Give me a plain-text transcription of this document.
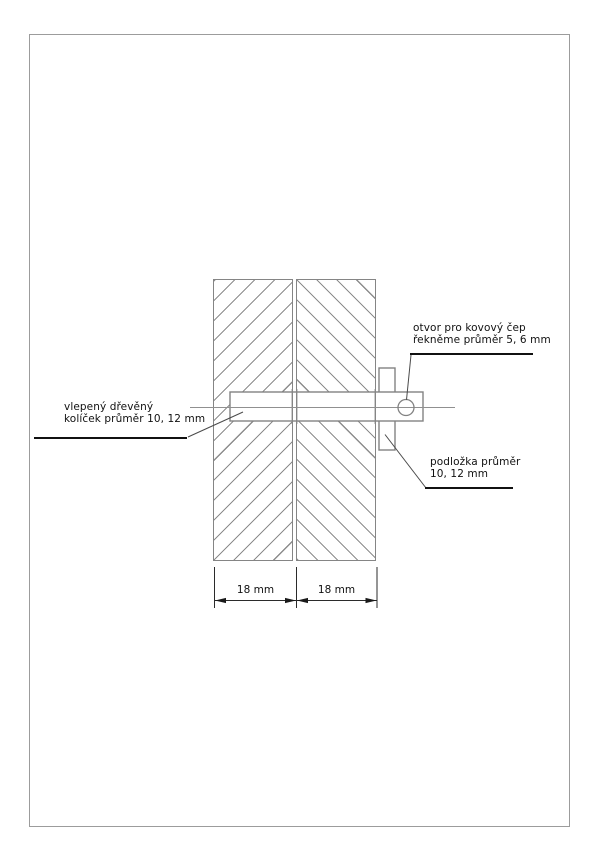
otvor pro kovový čep
řekněme průměr 5, 6 mm
vlepený dřevěný
kolíček průměr 10, 12 mm
podložka průměr
10, 12 mm
18 mm	18 mm
